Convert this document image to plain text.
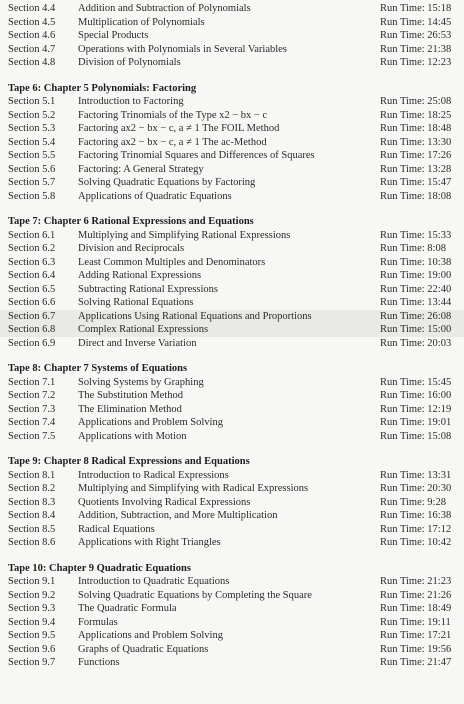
Section 4.4	Addition and Subtraction of Polynomials	Run Time: 15:18
Section 4.5	Multiplication of Polynomials	Run Time: 14:45
Section 4.6	Special Products	Run Time: 26:53
Section 4.7	Operations with Polynomials in Several Variables	Run Time: 21:38
Section 4.8	Division of Polynomials	Run Time: 12:23
Tape 6: Chapter 5 Polynomials: Factoring
Section 5.1	Introduction to Factoring	Run Time: 25:08
Section 5.2	Factoring Trinomials of the Type x2 − bx − c	Run Time: 18:25
Section 5.3	Factoring ax2 − bx − c, a ≠ 1 The FOIL Method	Run Time: 18:48
Section 5.4	Factoring ax2 − bx − c, a ≠ 1 The ac-Method	Run Time: 13:30
Section 5.5	Factoring Trinomial Squares and Differences of Squares	Run Time: 17:26
Section 5.6	Factoring: A General Strategy	Run Time: 13:28
Section 5.7	Solving Quadratic Equations by Factoring	Run Time: 15:47
Section 5.8	Applications of Quadratic Equations	Run Time: 18:08
Tape 7: Chapter 6 Rational Expressions and Equations
Section 6.1	Multiplying and Simplifying Rational Expressions	Run Time: 15:33
Section 6.2	Division and Reciprocals	Run Time: 8:08
Section 6.3	Least Common Multiples and Denominators	Run Time: 10:38
Section 6.4	Adding Rational Expressions	Run Time: 19:00
Section 6.5	Subtracting Rational Expressions	Run Time: 22:40
Section 6.6	Solving Rational Equations	Run Time: 13:44
Section 6.7	Applications Using Rational Equations and Proportions	Run Time: 26:08
Section 6.8	Complex Rational Expressions	Run Time: 15:00
Section 6.9	Direct and Inverse Variation	Run Time: 20:03
Tape 8: Chapter 7 Systems of Equations
Section 7.1	Solving Systems by Graphing	Run Time: 15:45
Section 7.2	The Substitution Method	Run Time: 16:00
Section 7.3	The Elimination Method	Run Time: 12:19
Section 7.4	Applications and Problem Solving	Run Time: 19:01
Section 7.5	Applications with Motion	Run Time: 15:08
Tape 9: Chapter 8 Radical Expressions and Equations
Section 8.1	Introduction to Radical Expressions	Run Time: 13:31
Section 8.2	Multiplying and Simplifying with Radical Expressions	Run Time: 20:30
Section 8.3	Quotients Involving Radical Expressions	Run Time: 9:28
Section 8.4	Addition, Subtraction, and More Multiplication	Run Time: 16:38
Section 8.5	Radical Equations	Run Time: 17:12
Section 8.6	Applications with Right Triangles	Run Time: 10:42
Tape 10: Chapter 9 Quadratic Equations
Section 9.1	Introduction to Quadratic Equations	Run Time: 21:23
Section 9.2	Solving Quadratic Equations by Completing the Square	Run Time: 21:26
Section 9.3	The Quadratic Formula	Run Time: 18:49
Section 9.4	Formulas	Run Time: 19:11
Section 9.5	Applications and Problem Solving	Run Time: 17:21
Section 9.6	Graphs of Quadratic Equations	Run Time: 19:56
Section 9.7	Functions	Run Time: 21:47
